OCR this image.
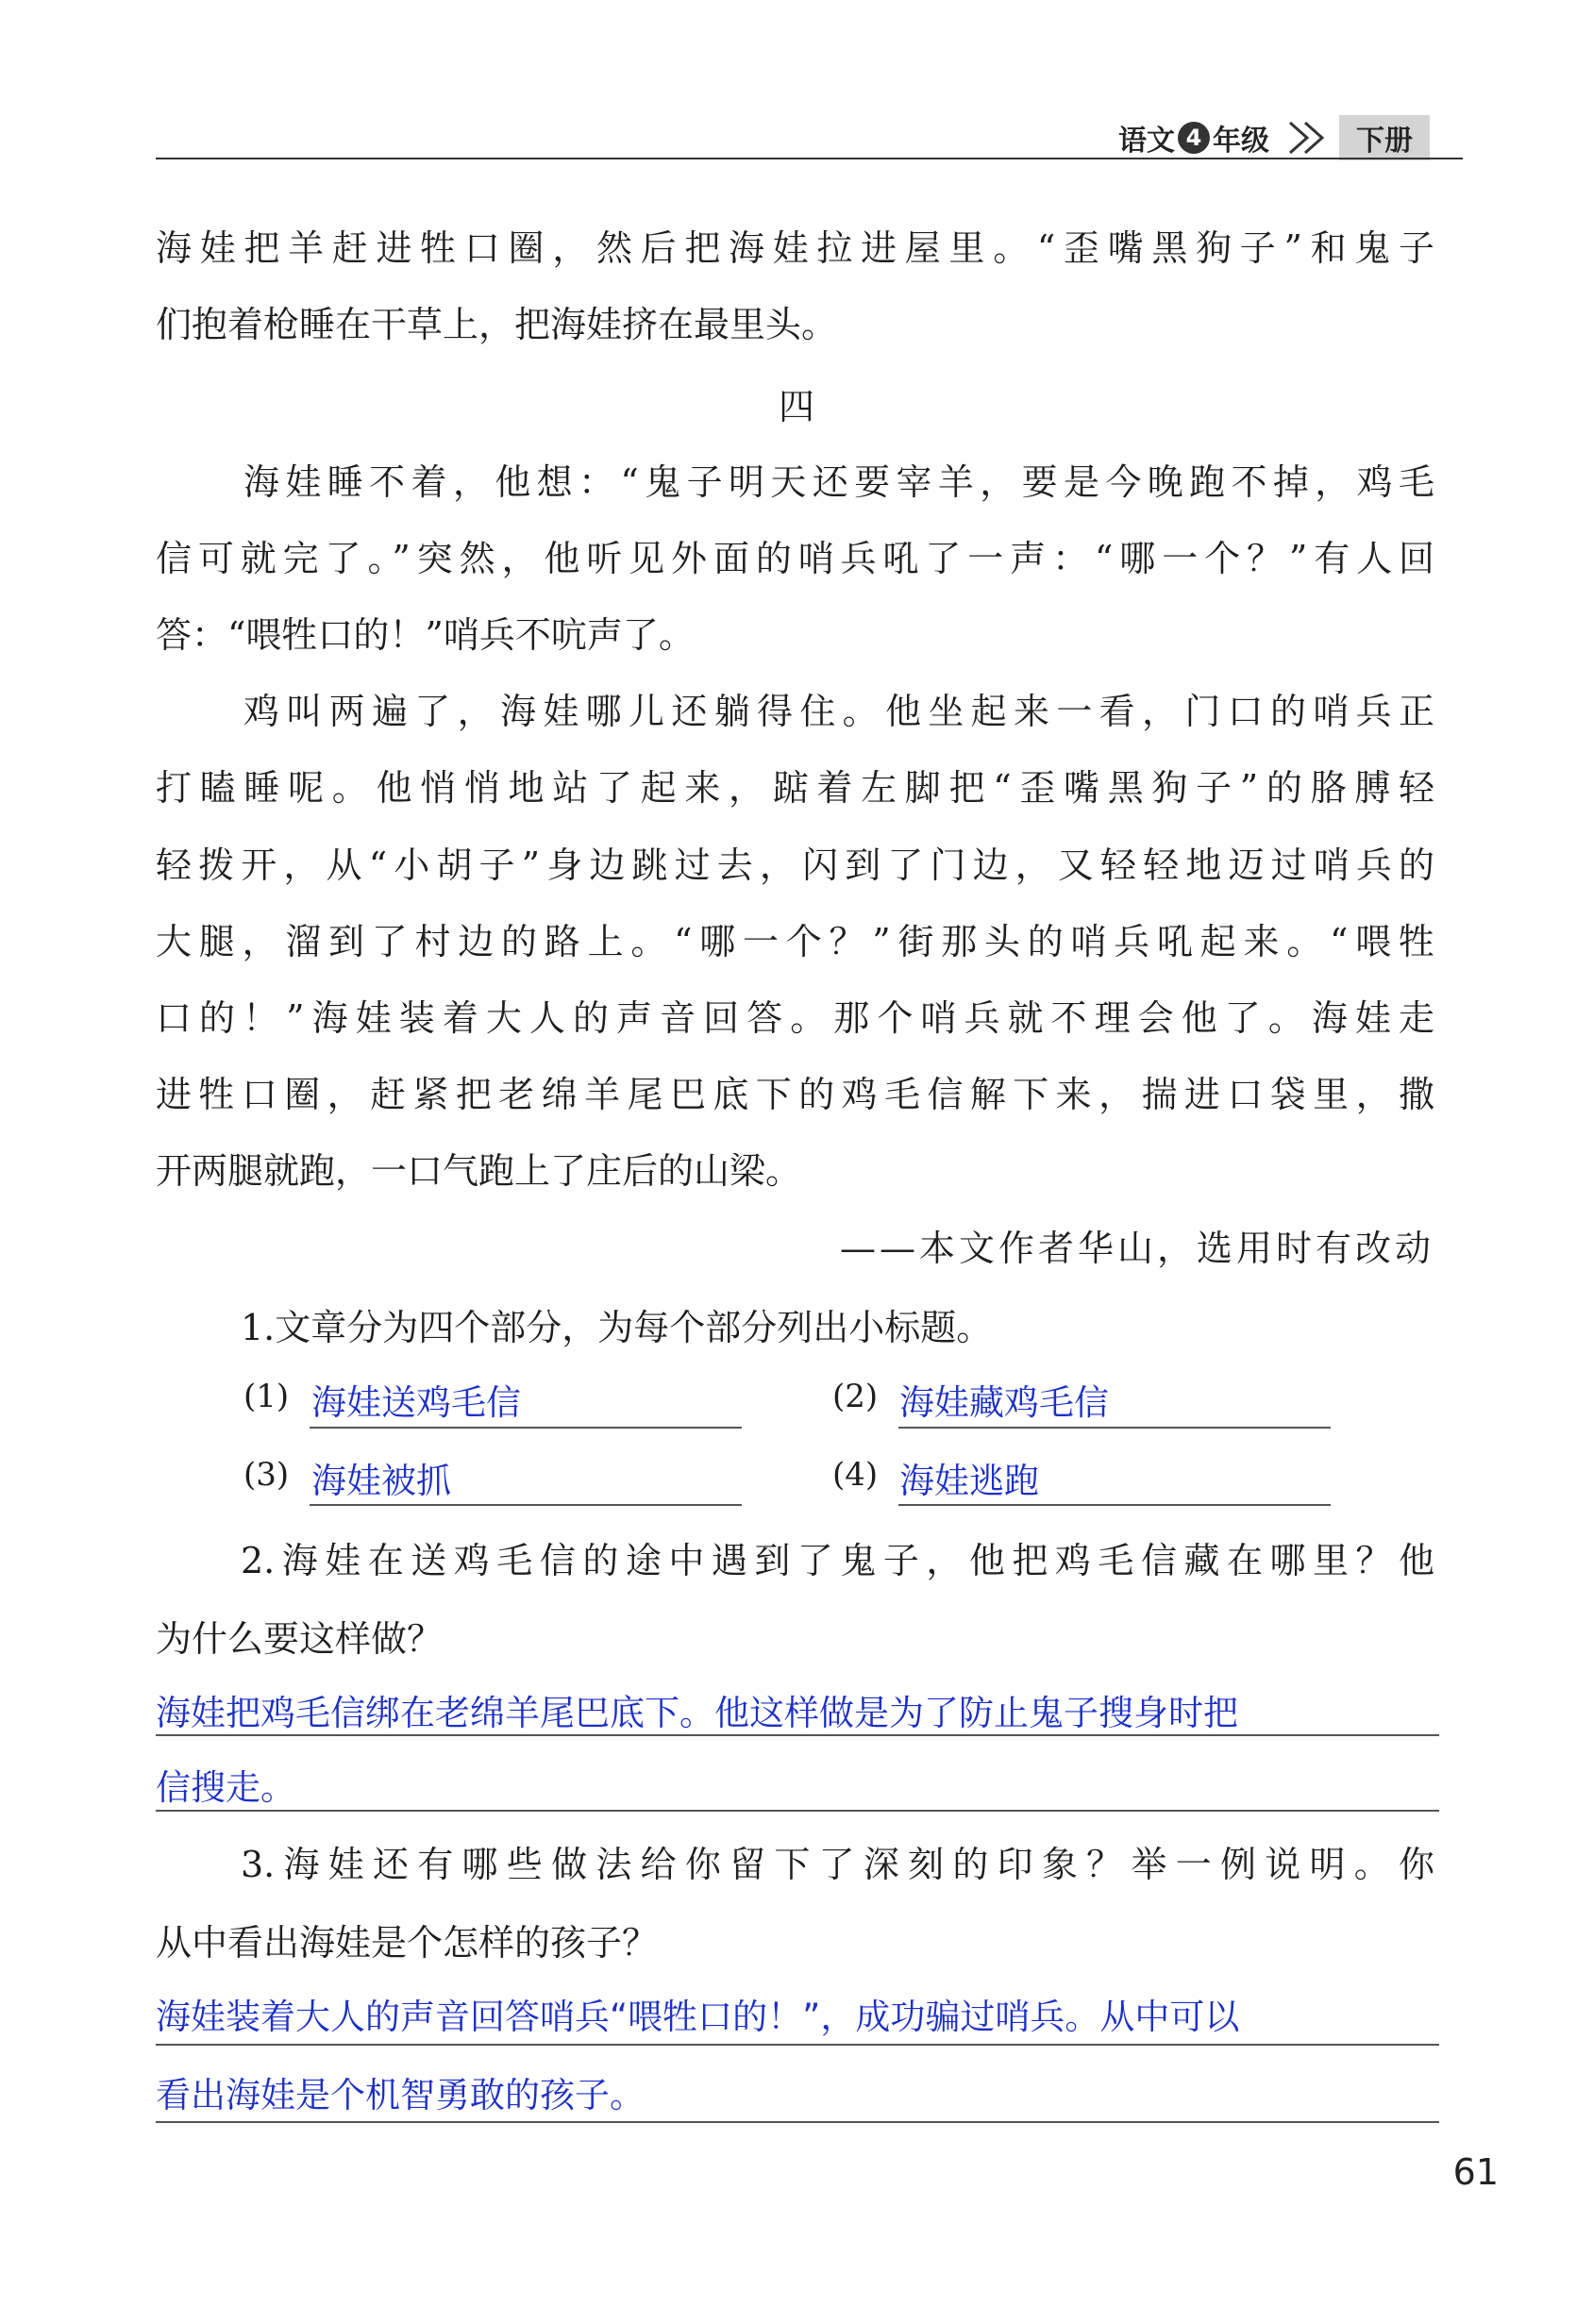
语文 4 年级	下册
海娃把羊赶进牲口圈，然后把海娃拉进屋里。“歪嘴黑狗子”和鬼子
们抱着枪睡在干草上，把海娃挤在最里头。
四
海娃睡不着，他想：“鬼子明天还要宰羊，要是今晚跑不掉，鸡毛
信可就完了。”突然，他听见外面的哨兵吼了一声：“哪一个？”有人回
答：“喂牲口的！”哨兵不吭声了。
鸡叫两遍了，海娃哪儿还躺得住。他坐起来一看，门口的哨兵正
打瞌睡呢。他悄悄地站了起来，踮着左脚把“歪嘴黑狗子”的胳膊轻
轻拨开，从“小胡子”身边跳过去，闪到了门边，又轻轻地迈过哨兵的
大腿，溜到了村边的路上。“哪一个？”街那头的哨兵吼起来。“喂牲
口的！”海娃装着大人的声音回答。那个哨兵就不理会他了。海娃走
进牲口圈，赶紧把老绵羊尾巴底下的鸡毛信解下来，揣进口袋里，撒
开两腿就跑，一口气跑上了庄后的山梁。
——本文作者华山，选用时有改动
1.文章分为四个部分，为每个部分列出小标题。
(1) 海娃送鸡毛信	(2) 海娃藏鸡毛信
(3) 海娃被抓	(4) 海娃逃跑
2.海娃在送鸡毛信的途中遇到了鬼子，他把鸡毛信藏在哪里？他
为什么要这样做？
海娃把鸡毛信绑在老绵羊尾巴底下。他这样做是为了防止鬼子搜身时把
信搜走。
3.海娃还有哪些做法给你留下了深刻的印象？举一例说明。你
从中看出海娃是个怎样的孩子？
海娃装着大人的声音回答哨兵“喂牲口的！”，成功骗过哨兵。从中可以
看出海娃是个机智勇敢的孩子。
61
